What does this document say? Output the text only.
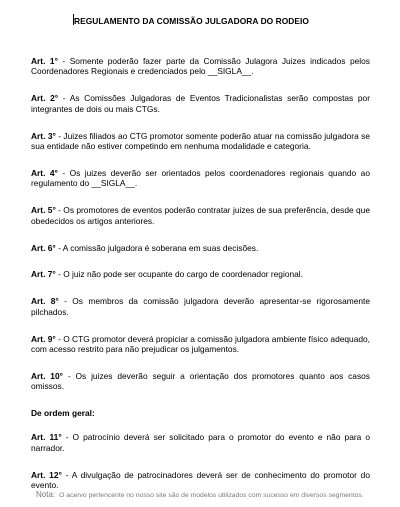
REGULAMENTO DA COMISSÃO JULGADORA DO RODEIO

Art. 1° - Somente poderão fazer parte da Comissão Julagora Juizes indicados pelos Coordenadores Regionais e credenciados pelo __SIGLA__.

Art. 2° - As Comissões Julgadoras de Eventos Tradicionalistas serão compostas por integrantes de dois ou mais CTGs.

Art. 3° - Juizes filiados ao CTG promotor somente poderão atuar na comissão julgadora se sua entidade não estiver competindo em nenhuma modalidade e categoria.

Art. 4° - Os juizes deverão ser orientados pelos coordenadores regionais quando ao regulamento do __SIGLA__.

Art. 5° - Os promotores de eventos poderão contratar juizes de sua preferência, desde que obedecidos os artigos anteriores.

Art. 6° - A comissão julgadora é soberana em suas decisões.

Art. 7° - O juiz não pode ser ocupante do cargo de coordenador regional.

Art. 8° - Os membros da comissão julgadora deverão apresentar-se rigorosamente pilchados.

Art. 9° - O CTG promotor deverá propiciar a comissão julgadora ambiente físico adequado, com acesso restrito para não prejudicar os julgamentos.

Art. 10° - Os juizes deverão seguir a orientação dos promotores quanto aos casos omissos.

De ordem geral:

Art. 11° - O patrocínio deverá ser solicitado para o promotor do evento e não para o narrador.

Art. 12° - A divulgação de patrocinadores deverá ser de conhecimento do promotor do evento.

Nota: O acervo pertencente no nosso site são de modelos utilizados com sucesso em diversos segmentos.
